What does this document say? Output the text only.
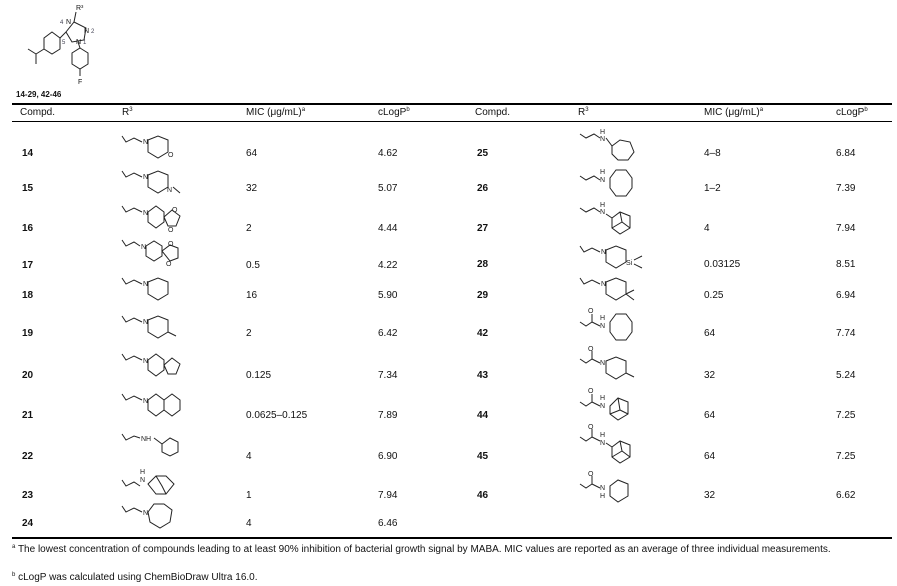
R³
N
N
N
F
4
2
5	1
14-29, 42-46
Compd.	$R^3$	MIC $(\mu g/mL)^a$	cLogP$^b$	Compd.	$R^3$	MIC $(\mu g/mL)^a$	cLogP$^b$
14	64	4.62
15	32	5.07
16	2	4.44
17	0.5	4.22
18	16	5.90
19	2	6.42
20	0.125	7.34
21	0.0625–0.125	7.89
22	4	6.90
23	1	7.94
24	4	6.46
25	4–8	6.84
26	1–2	7.39
27	4	7.94
28	0.03125	8.51
29	0.25	6.94
42	64	7.74
43	32	5.24
44	64	7.25
45	64	7.25
46	32	6.62
N
O
N
N
N	O
O
N	O
O
N
N
N
N
NH
N
H
N
H
N
H
N
H
N
N
Si
N
O
H
N
O
N
O
H
N
O
H
N
O
N
H
$^a$ The lowest concentration of compounds leading to at least 90% inhibition of bacterial growth signal by MABA. MIC values are reported as an average of three individual measurements.
$^b$ cLogP was calculated using ChemBioDraw Ultra 16.0.
